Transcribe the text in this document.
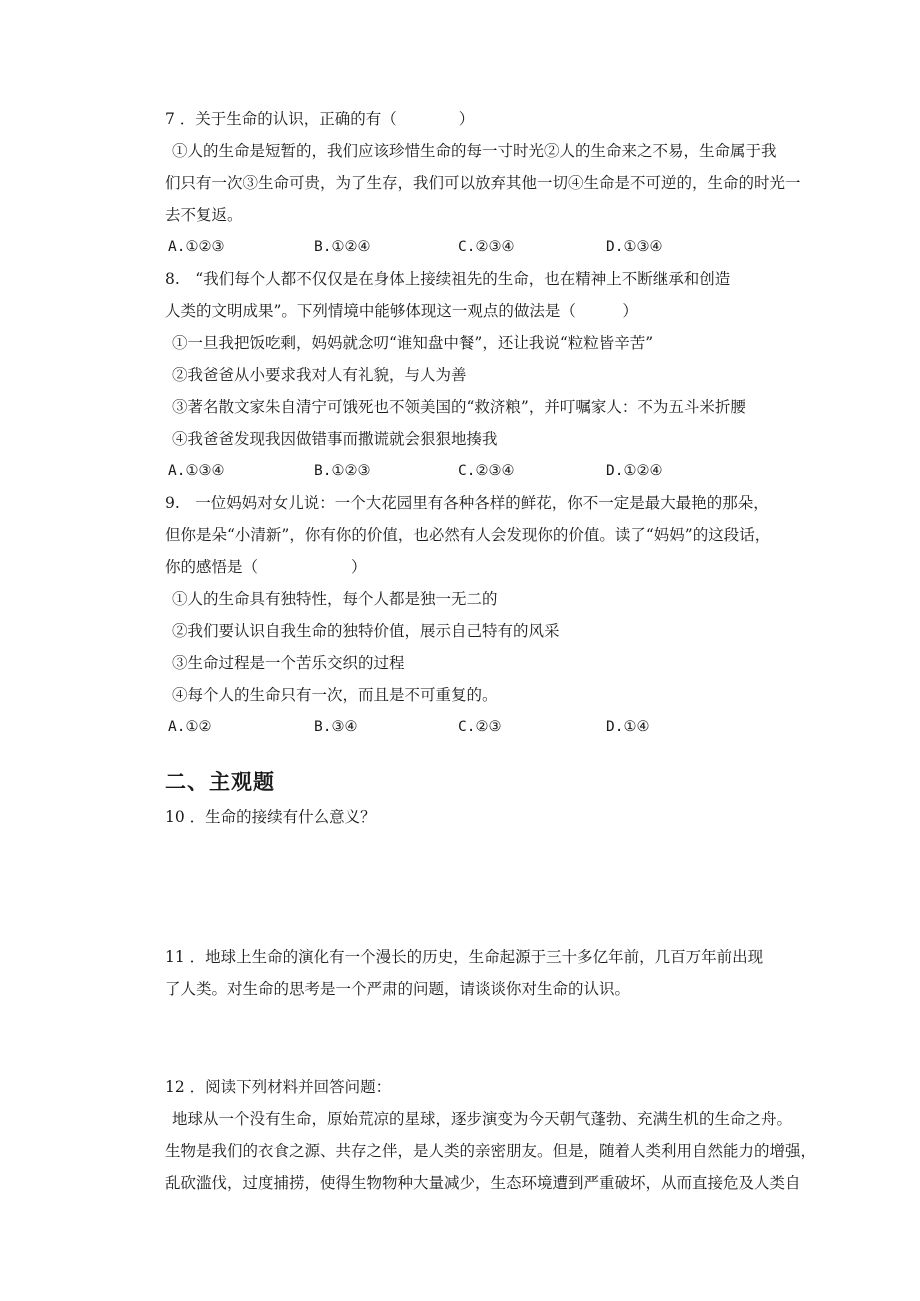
7 ．关于生命的认识，正确的有（　　　　）
①人的生命是短暂的，我们应该珍惜生命的每一寸时光②人的生命来之不易，生命属于我
们只有一次③生命可贵，为了生存，我们可以放弃其他一切④生命是不可逆的，生命的时光一
去不复返。
A.①②③	B.①②④	C.②③④	D.①③④
8.　“我们每个人都不仅仅是在身体上接续祖先的生命，也在精神上不断继承和创造
人类的文明成果”。下列情境中能够体现这一观点的做法是（　　　）
①一旦我把饭吃剩，妈妈就念叨“谁知盘中餐”，还让我说“粒粒皆辛苦”
②我爸爸从小要求我对人有礼貌，与人为善
③著名散文家朱自清宁可饿死也不领美国的“救济粮”，并叮嘱家人：不为五斗米折腰
④我爸爸发现我因做错事而撒谎就会狠狠地揍我
A.①③④	B.①②③	C.②③④	D.①②④
9.　一位妈妈对女儿说：一个大花园里有各种各样的鲜花，你不一定是最大最艳的那朵，
但你是朵“小清新”，你有你的价值，也必然有人会发现你的价值。读了“妈妈”的这段话，
你的感悟是（　　　　　　）
①人的生命具有独特性，每个人都是独一无二的
②我们要认识自我生命的独特价值，展示自己特有的风采
③生命过程是一个苦乐交织的过程
④每个人的生命只有一次，而且是不可重复的。
A.①②	B.③④	C.②③	D.①④
二、主观题
10 ．生命的接续有什么意义？
11 ．地球上生命的演化有一个漫长的历史，生命起源于三十多亿年前，几百万年前出现
了人类。对生命的思考是一个严肃的问题，请谈谈你对生命的认识。
12 ．阅读下列材料并回答问题：
地球从一个没有生命，原始荒凉的星球，逐步演变为今天朝气蓬勃、充满生机的生命之舟。
生物是我们的衣食之源、共存之伴，是人类的亲密朋友。但是，随着人类利用自然能力的增强，
乱砍滥伐，过度捕捞，使得生物物种大量减少，生态环境遭到严重破坏，从而直接危及人类自
